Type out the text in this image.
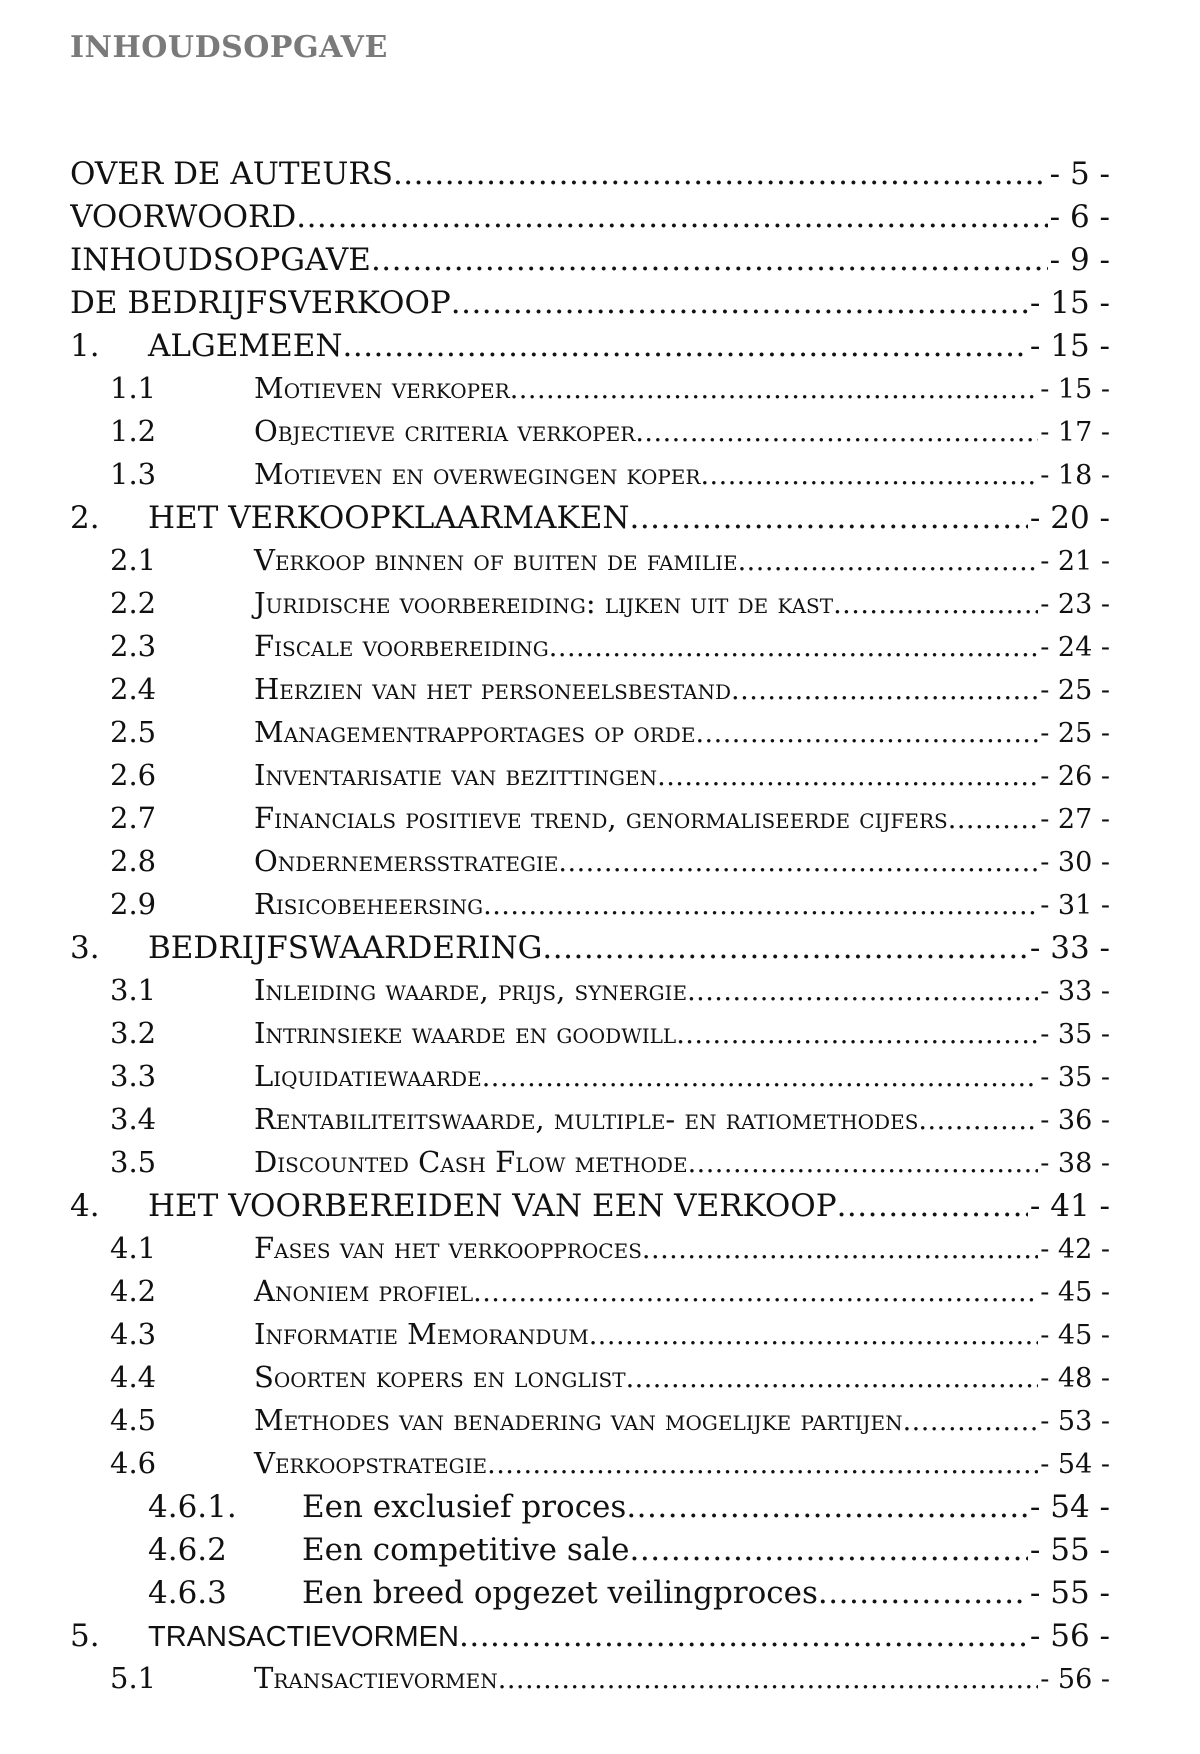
INHOUDSOPGAVE
OVER DE AUTEURS .....	- 5 -
VOORWOORD .....	- 6 -
INHOUDSOPGAVE .....	- 9 -
DE BEDRIJFSVERKOOP .....	- 15 -
1.	ALGEMEEN .....	- 15 -
1.1	Motieven verkoper .....	- 15 -
1.2	Objectieve criteria verkoper .....	- 17 -
1.3	Motieven en overwegingen koper .....	- 18 -
2.	HET VERKOOPKLAARMAKEN .....	- 20 -
2.1	Verkoop binnen of buiten de familie .....	- 21 -
2.2	Juridische voorbereiding: lijken uit de kast .....	- 23 -
2.3	Fiscale voorbereiding .....	- 24 -
2.4	Herzien van het personeelsbestand .....	- 25 -
2.5	Managementrapportages op orde .....	- 25 -
2.6	Inventarisatie van bezittingen .....	- 26 -
2.7	Financials positieve trend, genormaliseerde cijfers .....	- 27 -
2.8	Ondernemersstrategie .....	- 30 -
2.9	Risicobeheersing .....	- 31 -
3.	BEDRIJFSWAARDERING .....	- 33 -
3.1	Inleiding waarde, prijs, synergie .....	- 33 -
3.2	Intrinsieke waarde en goodwill .....	- 35 -
3.3	Liquidatiewaarde .....	- 35 -
3.4	Rentabiliteitswaarde, multiple- en ratiomethodes .....	- 36 -
3.5	Discounted Cash Flow methode .....	- 38 -
4.	HET VOORBEREIDEN VAN EEN VERKOOP .....	- 41 -
4.1	Fases van het verkoopproces .....	- 42 -
4.2	Anoniem profiel .....	- 45 -
4.3	Informatie Memorandum .....	- 45 -
4.4	Soorten kopers en longlist .....	- 48 -
4.5	Methodes van benadering van mogelijke partijen .....	- 53 -
4.6	Verkoopstrategie .....	- 54 -
4.6.1.	Een exclusief proces .....	- 54 -
4.6.2	Een competitive sale .....	- 55 -
4.6.3	Een breed opgezet veilingproces .....	- 55 -
5.	TRANSACTIEVORMEN .....	- 56 -
5.1	Transactievormen .....	- 56 -
